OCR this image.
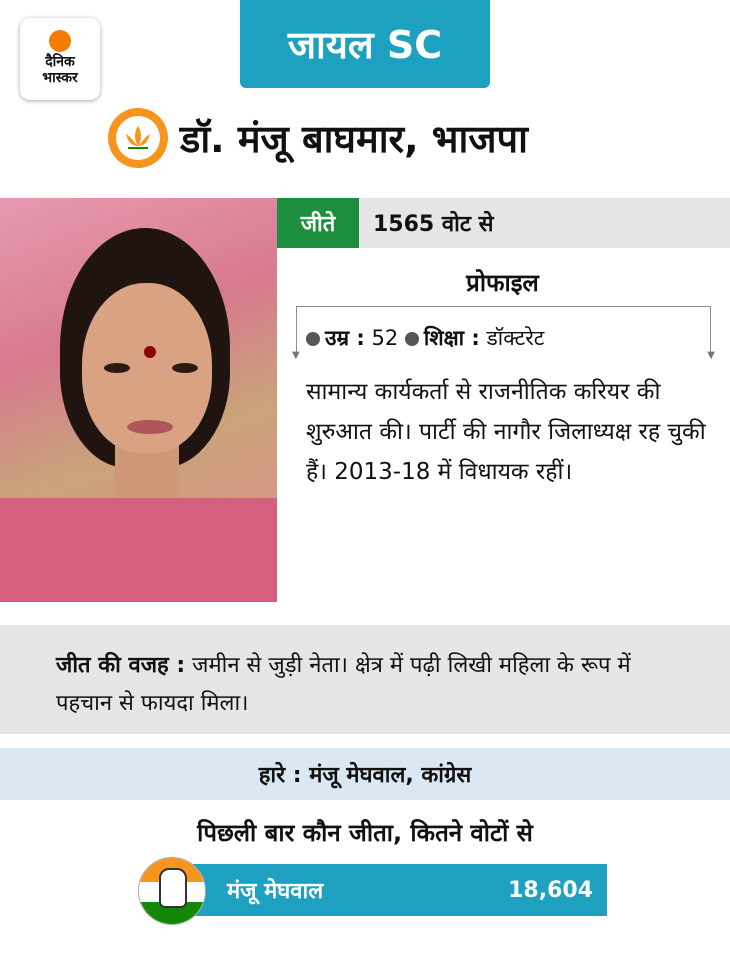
दैनिक
भास्कर
जायल SC
डॉ. मंजू बाघमार, भाजपा
जीते	1565 वोट से
प्रोफाइल
▼	▼
उम्र : 52 शिक्षा : डॉक्टरेट
सामान्य कार्यकर्ता से राजनीतिक करियर की शुरुआत की। पार्टी की नागौर जिलाध्यक्ष रह चुकी हैं। 2013-18 में विधायक रहीं।
जीत की वजह : जमीन से जुड़ी नेता। क्षेत्र में पढ़ी लिखी महिला के रूप में पहचान से फायदा मिला।
हारे : मंजू मेघवाल, कांग्रेस
पिछली बार कौन जीता, कितने वोटों से
मंजू मेघवाल	18,604
